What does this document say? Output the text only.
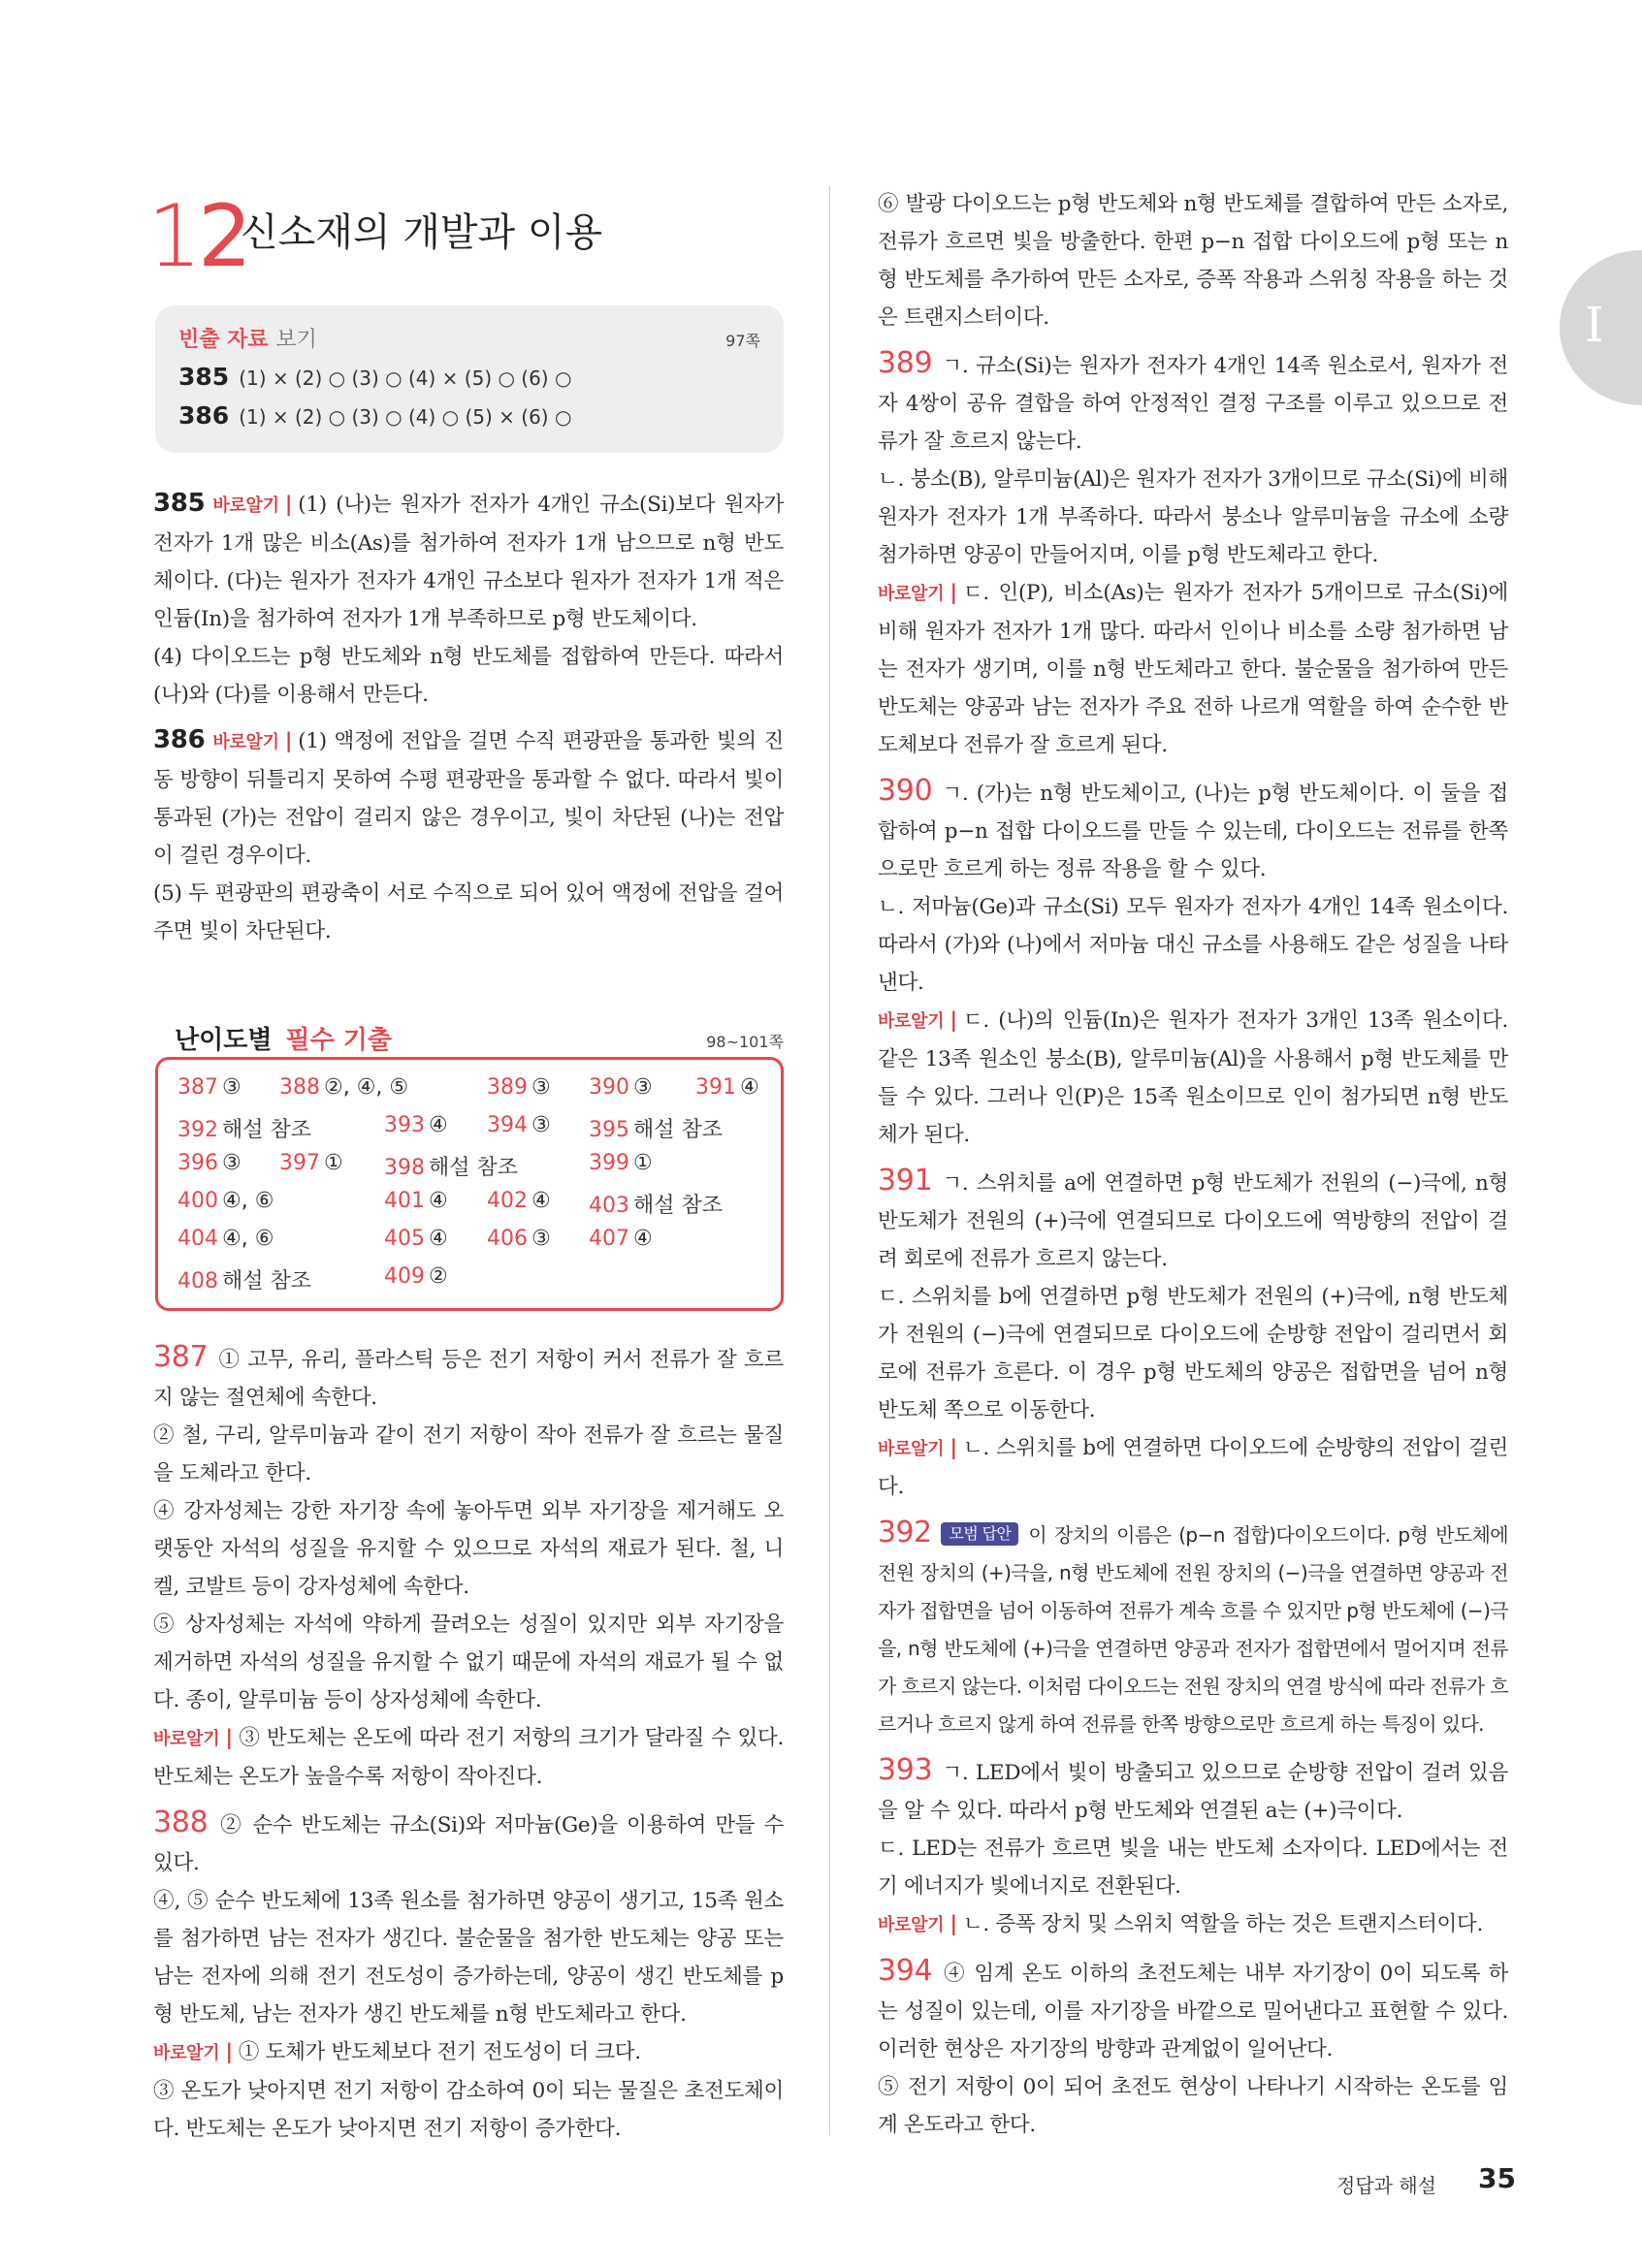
I
12
신소재의 개발과 이용
빈출 자료 보기	97쪽
385 (1) × (2) ○ (3) ○ (4) × (5) ○ (6) ○
386 (1) × (2) ○ (3) ○ (4) ○ (5) × (6) ○

385 바로알기 | (1) (나)는 원자가 전자가 4개인 규소(Si)보다 원자가 전자가 1개 많은 비소(As)를 첨가하여 전자가 1개 남으므로 n형 반도체이다. (다)는 원자가 전자가 4개인 규소보다 원자가 전자가 1개 적은 인듐(In)을 첨가하여 전자가 1개 부족하므로 p형 반도체이다.

(4) 다이오드는 p형 반도체와 n형 반도체를 접합하여 만든다. 따라서 (나)와 (다)를 이용해서 만든다.

386 바로알기 | (1) 액정에 전압을 걸면 수직 편광판을 통과한 빛의 진동 방향이 뒤틀리지 못하여 수평 편광판을 통과할 수 없다. 따라서 빛이 통과된 (가)는 전압이 걸리지 않은 경우이고, 빛이 차단된 (나)는 전압이 걸린 경우이다.

(5) 두 편광판의 편광축이 서로 수직으로 되어 있어 액정에 전압을 걸어 주면 빛이 차단된다.

난이도별 필수 기출	98~101쪽
387 ③ 388 ②, ④, ⑤	389 ③ 390 ③ 391 ④
392 해설 참조	393 ④ 394 ③ 395 해설 참조
396 ③ 397 ① 398 해설 참조	399 ①
400 ④, ⑥	401 ④ 402 ④ 403 해설 참조
404 ④, ⑥	405 ④ 406 ③ 407 ④
408 해설 참조	409 ②

387 ① 고무, 유리, 플라스틱 등은 전기 저항이 커서 전류가 잘 흐르지 않는 절연체에 속한다.

② 철, 구리, 알루미늄과 같이 전기 저항이 작아 전류가 잘 흐르는 물질을 도체라고 한다.

④ 강자성체는 강한 자기장 속에 놓아두면 외부 자기장을 제거해도 오랫동안 자석의 성질을 유지할 수 있으므로 자석의 재료가 된다. 철, 니켈, 코발트 등이 강자성체에 속한다.

⑤ 상자성체는 자석에 약하게 끌려오는 성질이 있지만 외부 자기장을 제거하면 자석의 성질을 유지할 수 없기 때문에 자석의 재료가 될 수 없다. 종이, 알루미늄 등이 상자성체에 속한다.

바로알기 | ③ 반도체는 온도에 따라 전기 저항의 크기가 달라질 수 있다. 반도체는 온도가 높을수록 저항이 작아진다.

388 ② 순수 반도체는 규소(Si)와 저마늄(Ge)을 이용하여 만들 수 있다.

④, ⑤ 순수 반도체에 13족 원소를 첨가하면 양공이 생기고, 15족 원소를 첨가하면 남는 전자가 생긴다. 불순물을 첨가한 반도체는 양공 또는 남는 전자에 의해 전기 전도성이 증가하는데, 양공이 생긴 반도체를 p형 반도체, 남는 전자가 생긴 반도체를 n형 반도체라고 한다.

바로알기 | ① 도체가 반도체보다 전기 전도성이 더 크다.

③ 온도가 낮아지면 전기 저항이 감소하여 0이 되는 물질은 초전도체이다. 반도체는 온도가 낮아지면 전기 저항이 증가한다.

⑥ 발광 다이오드는 p형 반도체와 n형 반도체를 결합하여 만든 소자로, 전류가 흐르면 빛을 방출한다. 한편 p−n 접합 다이오드에 p형 또는 n형 반도체를 추가하여 만든 소자로, 증폭 작용과 스위칭 작용을 하는 것은 트랜지스터이다.

389 ㄱ. 규소(Si)는 원자가 전자가 4개인 14족 원소로서, 원자가 전자 4쌍이 공유 결합을 하여 안정적인 결정 구조를 이루고 있으므로 전류가 잘 흐르지 않는다.

ㄴ. 붕소(B), 알루미늄(Al)은 원자가 전자가 3개이므로 규소(Si)에 비해 원자가 전자가 1개 부족하다. 따라서 붕소나 알루미늄을 규소에 소량 첨가하면 양공이 만들어지며, 이를 p형 반도체라고 한다.

바로알기 | ㄷ. 인(P), 비소(As)는 원자가 전자가 5개이므로 규소(Si)에 비해 원자가 전자가 1개 많다. 따라서 인이나 비소를 소량 첨가하면 남는 전자가 생기며, 이를 n형 반도체라고 한다. 불순물을 첨가하여 만든 반도체는 양공과 남는 전자가 주요 전하 나르개 역할을 하여 순수한 반도체보다 전류가 잘 흐르게 된다.

390 ㄱ. (가)는 n형 반도체이고, (나)는 p형 반도체이다. 이 둘을 접합하여 p−n 접합 다이오드를 만들 수 있는데, 다이오드는 전류를 한쪽으로만 흐르게 하는 정류 작용을 할 수 있다.

ㄴ. 저마늄(Ge)과 규소(Si) 모두 원자가 전자가 4개인 14족 원소이다. 따라서 (가)와 (나)에서 저마늄 대신 규소를 사용해도 같은 성질을 나타낸다.

바로알기 | ㄷ. (나)의 인듐(In)은 원자가 전자가 3개인 13족 원소이다. 같은 13족 원소인 붕소(B), 알루미늄(Al)을 사용해서 p형 반도체를 만들 수 있다. 그러나 인(P)은 15족 원소이므로 인이 첨가되면 n형 반도체가 된다.

391 ㄱ. 스위치를 a에 연결하면 p형 반도체가 전원의 (−)극에, n형 반도체가 전원의 (+)극에 연결되므로 다이오드에 역방향의 전압이 걸려 회로에 전류가 흐르지 않는다.

ㄷ. 스위치를 b에 연결하면 p형 반도체가 전원의 (+)극에, n형 반도체가 전원의 (−)극에 연결되므로 다이오드에 순방향 전압이 걸리면서 회로에 전류가 흐른다. 이 경우 p형 반도체의 양공은 접합면을 넘어 n형 반도체 쪽으로 이동한다.

바로알기 | ㄴ. 스위치를 b에 연결하면 다이오드에 순방향의 전압이 걸린다.

392 모범 답안 이 장치의 이름은 (p−n 접합)다이오드이다. p형 반도체에 전원 장치의 (+)극을, n형 반도체에 전원 장치의 (−)극을 연결하면 양공과 전자가 접합면을 넘어 이동하여 전류가 계속 흐를 수 있지만 p형 반도체에 (−)극을, n형 반도체에 (+)극을 연결하면 양공과 전자가 접합면에서 멀어지며 전류가 흐르지 않는다. 이처럼 다이오드는 전원 장치의 연결 방식에 따라 전류가 흐르거나 흐르지 않게 하여 전류를 한쪽 방향으로만 흐르게 하는 특징이 있다.

393 ㄱ. LED에서 빛이 방출되고 있으므로 순방향 전압이 걸려 있음을 알 수 있다. 따라서 p형 반도체와 연결된 a는 (+)극이다.

ㄷ. LED는 전류가 흐르면 빛을 내는 반도체 소자이다. LED에서는 전기 에너지가 빛에너지로 전환된다.

바로알기 | ㄴ. 증폭 장치 및 스위치 역할을 하는 것은 트랜지스터이다.

394 ④ 임계 온도 이하의 초전도체는 내부 자기장이 0이 되도록 하는 성질이 있는데, 이를 자기장을 바깥으로 밀어낸다고 표현할 수 있다. 이러한 현상은 자기장의 방향과 관계없이 일어난다.

⑤ 전기 저항이 0이 되어 초전도 현상이 나타나기 시작하는 온도를 임계 온도라고 한다.

정답과 해설 35
